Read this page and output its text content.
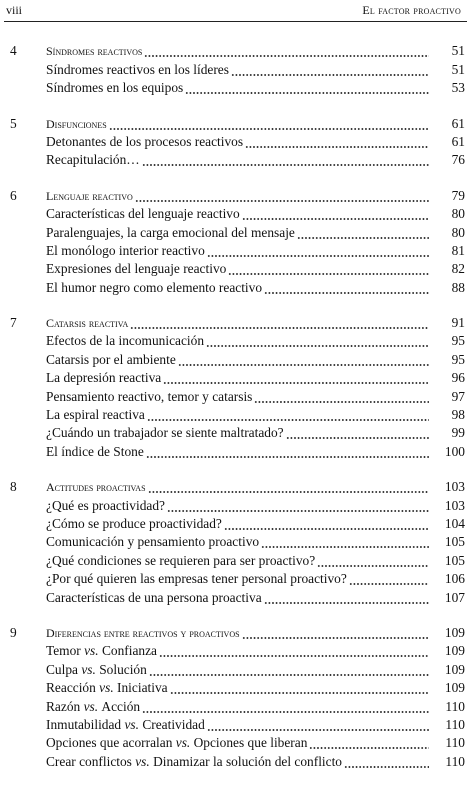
viii	El factor proactivo
4 Síndromes reactivos	51
Síndromes reactivos en los líderes	51
Síndromes en los equipos	53
5 Disfunciones	61
Detonantes de los procesos reactivos	61
Recapitulación…	76
6 Lenguaje reactivo	79
Características del lenguaje reactivo	80
Paralenguajes, la carga emocional del mensaje	80
El monólogo interior reactivo	81
Expresiones del lenguaje reactivo	82
El humor negro como elemento reactivo	88
7 Catarsis reactiva	91
Efectos de la incomunicación	95
Catarsis por el ambiente	95
La depresión reactiva	96
Pensamiento reactivo, temor y catarsis	97
La espiral reactiva	98
¿Cuándo un trabajador se siente maltratado?	99
El índice de Stone	100
8 Actitudes proactivas	103
¿Qué es proactividad?	103
¿Cómo se produce proactividad?	104
Comunicación y pensamiento proactivo	105
¿Qué condiciones se requieren para ser proactivo?	105
¿Por qué quieren las empresas tener personal proactivo?	106
Características de una persona proactiva	107
9 Diferencias entre reactivos y proactivos	109
Temor vs. Confianza	109
Culpa vs. Solución	109
Reacción vs. Iniciativa	109
Razón vs. Acción	110
Inmutabilidad vs. Creatividad	110
Opciones que acorralan vs. Opciones que liberan	110
Crear conflictos vs. Dinamizar la solución del conflicto	110
